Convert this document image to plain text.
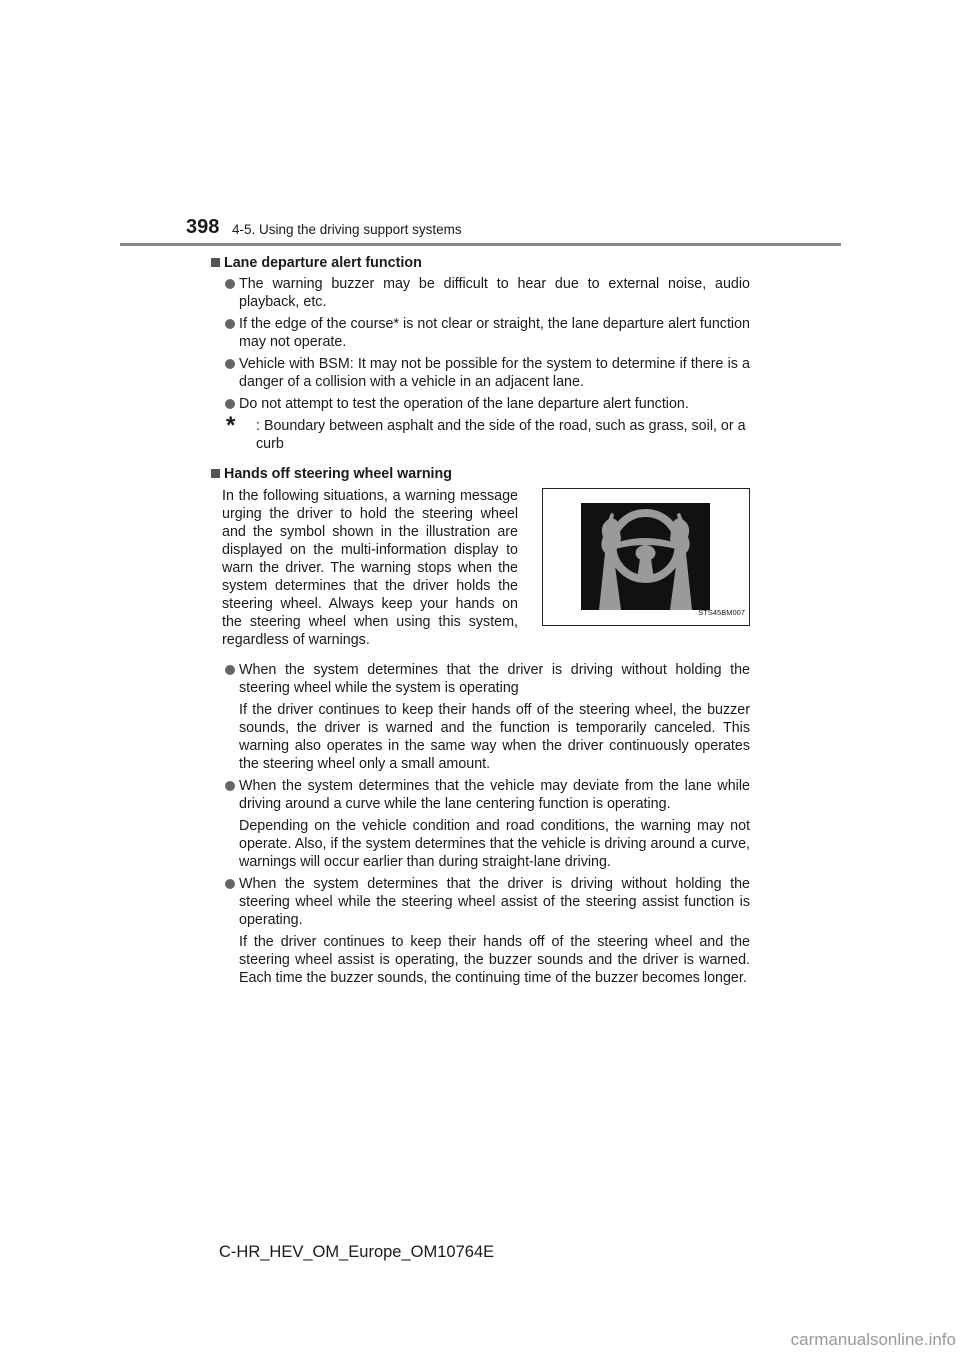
398 4-5. Using the driving support systems
Lane departure alert function
The warning buzzer may be difficult to hear due to external noise, audio playback, etc.
If the edge of the course* is not clear or straight, the lane departure alert function may not operate.
Vehicle with BSM: It may not be possible for the system to determine if there is a danger of a collision with a vehicle in an adjacent lane.
Do not attempt to test the operation of the lane departure alert function.
* : Boundary between asphalt and the side of the road, such as grass, soil, or a curb
Hands off steering wheel warning
In the following situations, a warning message urging the driver to hold the steering wheel and the symbol shown in the illustration are displayed on the multi-information display to warn the driver. The warning stops when the system determines that the driver holds the steering wheel. Always keep your hands on the steering wheel when using this system, regardless of warnings.
STS45BM007
When the system determines that the driver is driving without holding the steering wheel while the system is operating
If the driver continues to keep their hands off of the steering wheel, the buzzer sounds, the driver is warned and the function is temporarily canceled. This warning also operates in the same way when the driver continuously operates the steering wheel only a small amount.
When the system determines that the vehicle may deviate from the lane while driving around a curve while the lane centering function is operating.
Depending on the vehicle condition and road conditions, the warning may not operate. Also, if the system determines that the vehicle is driving around a curve, warnings will occur earlier than during straight-lane driving.
When the system determines that the driver is driving without holding the steering wheel while the steering wheel assist of the steering assist function is operating.
If the driver continues to keep their hands off of the steering wheel and the steering wheel assist is operating, the buzzer sounds and the driver is warned. Each time the buzzer sounds, the continuing time of the buzzer becomes longer.
C-HR_HEV_OM_Europe_OM10764E
carmanualsonline.info
